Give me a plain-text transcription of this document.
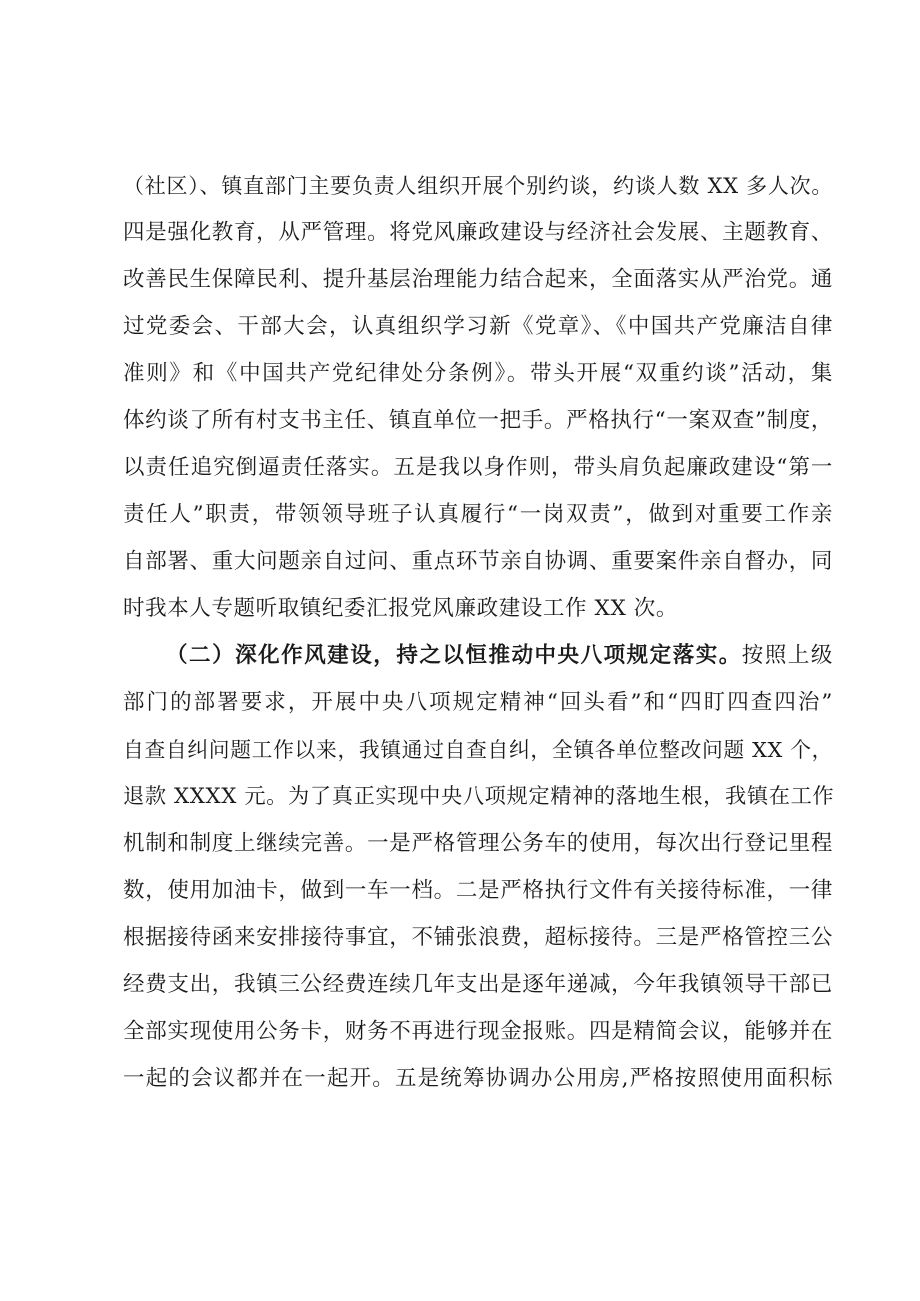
（社区）、镇直部门主要负责人组织开展个别约谈，约谈人数 XX 多人次。
四是强化教育，从严管理。将党风廉政建设与经济社会发展、主题教育、
改善民生保障民利、提升基层治理能力结合起来，全面落实从严治党。通
过党委会、干部大会，认真组织学习新《党章》、《中国共产党廉洁自律
准则》和《中国共产党纪律处分条例》。带头开展“双重约谈”活动，集
体约谈了所有村支书主任、镇直单位一把手。严格执行“一案双查”制度，
以责任追究倒逼责任落实。五是我以身作则，带头肩负起廉政建设“第一
责任人”职责，带领领导班子认真履行“一岗双责”，做到对重要工作亲
自部署、重大问题亲自过问、重点环节亲自协调、重要案件亲自督办，同
时我本人专题听取镇纪委汇报党风廉政建设工作 XX 次。
（二）深化作风建设，持之以恒推动中央八项规定落实。按照上级
部门的部署要求，开展中央八项规定精神“回头看”和“四盯四查四治”
自查自纠问题工作以来，我镇通过自查自纠，全镇各单位整改问题 XX 个，
退款 XXXX 元。为了真正实现中央八项规定精神的落地生根，我镇在工作
机制和制度上继续完善。一是严格管理公务车的使用，每次出行登记里程
数，使用加油卡，做到一车一档。二是严格执行文件有关接待标准，一律
根据接待函来安排接待事宜，不铺张浪费，超标接待。三是严格管控三公
经费支出，我镇三公经费连续几年支出是逐年递减，今年我镇领导干部已
全部实现使用公务卡，财务不再进行现金报账。四是精简会议，能够并在
一起的会议都并在一起开。五是统筹协调办公用房,严格按照使用面积标
